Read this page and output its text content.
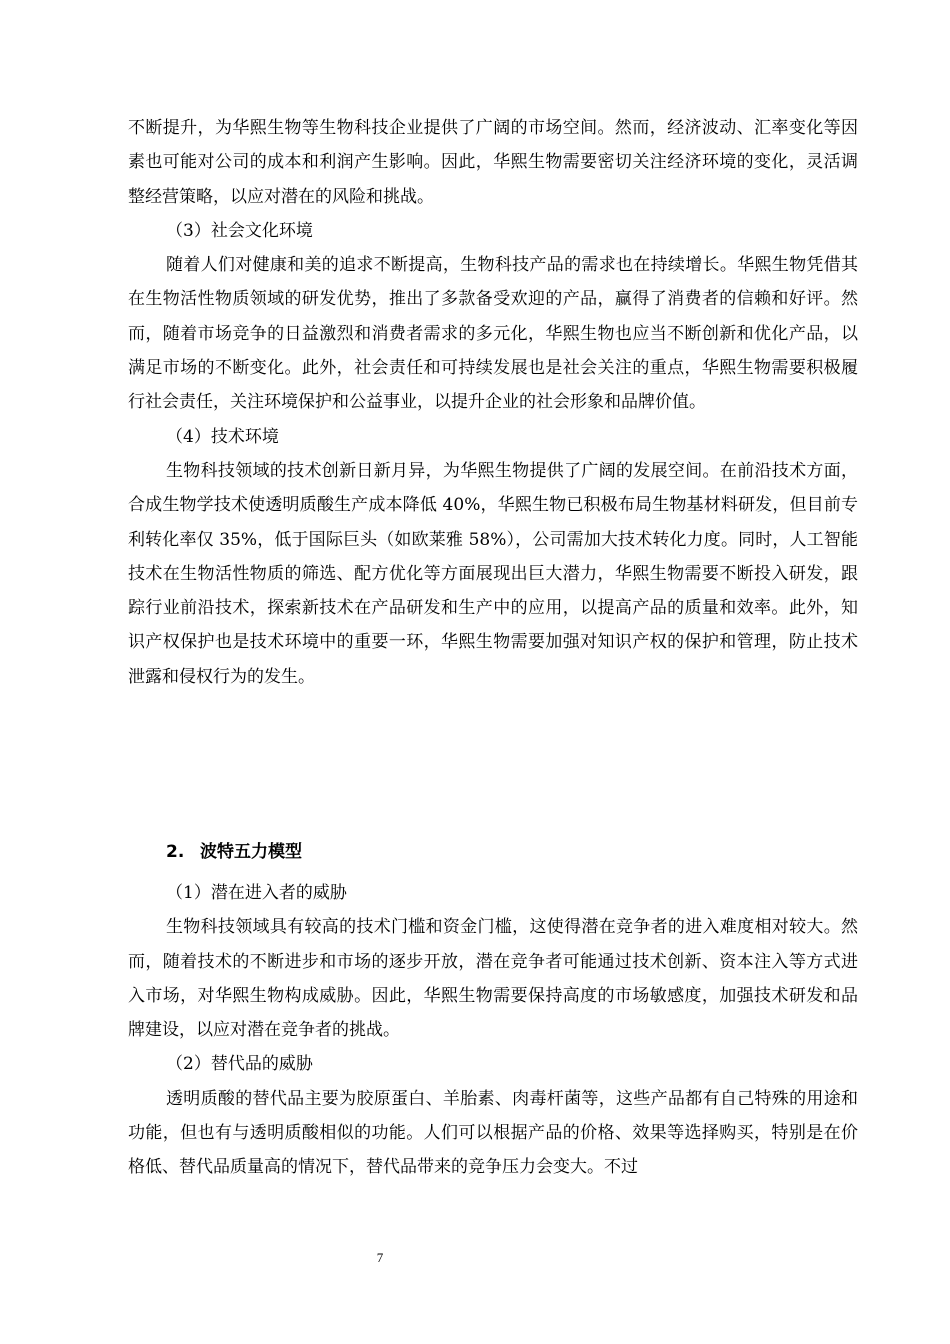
不断提升，为华熙生物等生物科技企业提供了广阔的市场空间。然而，经济波动、汇率变化等因素也可能对公司的成本和利润产生影响。因此，华熙生物需要密切关注经济环境的变化，灵活调整经营策略，以应对潜在的风险和挑战。

（3）社会文化环境

随着人们对健康和美的追求不断提高，生物科技产品的需求也在持续增长。华熙生物凭借其在生物活性物质领域的研发优势，推出了多款备受欢迎的产品，赢得了消费者的信赖和好评。然而，随着市场竞争的日益激烈和消费者需求的多元化，华熙生物也应当不断创新和优化产品，以满足市场的不断变化。此外，社会责任和可持续发展也是社会关注的重点，华熙生物需要积极履行社会责任，关注环境保护和公益事业，以提升企业的社会形象和品牌价值。

（4）技术环境

生物科技领域的技术创新日新月异，为华熙生物提供了广阔的发展空间。在前沿技术方面，合成生物学技术使透明质酸生产成本降低 40%，华熙生物已积极布局生物基材料研发，但目前专利转化率仅 35%，低于国际巨头（如欧莱雅 58%），公司需加大技术转化力度。同时，人工智能技术在生物活性物质的筛选、配方优化等方面展现出巨大潜力，华熙生物需要不断投入研发，跟踪行业前沿技术，探索新技术在产品研发和生产中的应用，以提高产品的质量和效率。此外，知识产权保护也是技术环境中的重要一环，华熙生物需要加强对知识产权的保护和管理，防止技术泄露和侵权行为的发生。

2. 波特五力模型

（1）潜在进入者的威胁

生物科技领域具有较高的技术门槛和资金门槛，这使得潜在竞争者的进入难度相对较大。然而，随着技术的不断进步和市场的逐步开放，潜在竞争者可能通过技术创新、资本注入等方式进入市场，对华熙生物构成威胁。因此，华熙生物需要保持高度的市场敏感度，加强技术研发和品牌建设，以应对潜在竞争者的挑战。

（2）替代品的威胁

透明质酸的替代品主要为胶原蛋白、羊胎素、肉毒杆菌等，这些产品都有自己特殊的用途和功能，但也有与透明质酸相似的功能。人们可以根据产品的价格、效果等选择购买，特别是在价格低、替代品质量高的情况下，替代品带来的竞争压力会变大。不过

7
